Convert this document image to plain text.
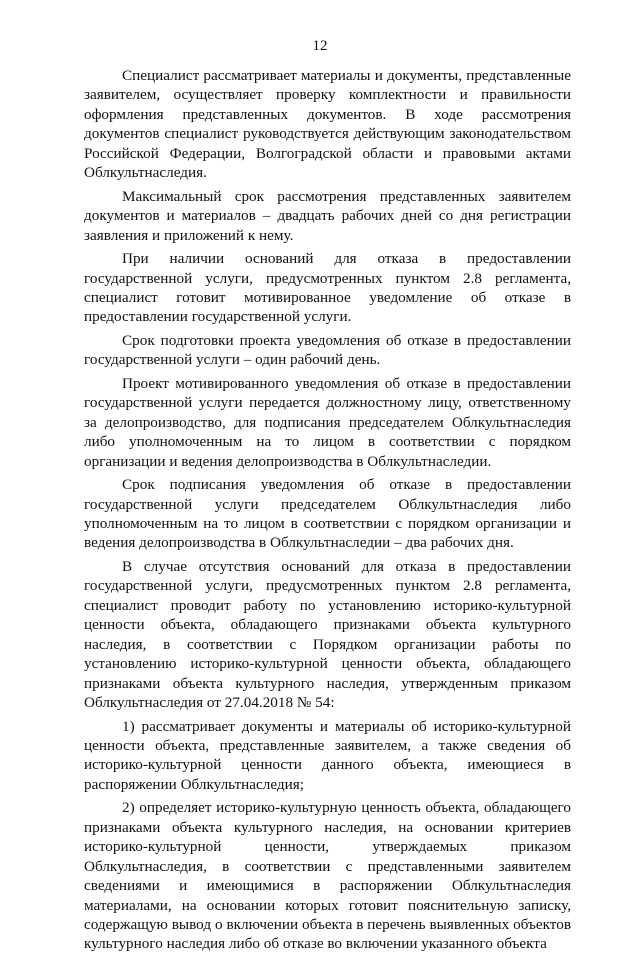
12

Специалист рассматривает материалы и документы, представленные заявителем, осуществляет проверку комплектности и правильности оформления представленных документов. В ходе рассмотрения документов специалист руководствуется действующим законодательством Российской Федерации, Волгоградской области и правовыми актами Облкультнаследия.

Максимальный срок рассмотрения представленных заявителем документов и материалов – двадцать рабочих дней со дня регистрации заявления и приложений к нему.

При наличии оснований для отказа в предоставлении государственной услуги, предусмотренных пунктом 2.8 регламента, специалист готовит мотивированное уведомление об отказе в предоставлении государственной услуги.

Срок подготовки проекта уведомления об отказе в предоставлении государственной услуги – один рабочий день.

Проект мотивированного уведомления об отказе в предоставлении государственной услуги передается должностному лицу, ответственному за делопроизводство, для подписания председателем Облкультнаследия либо уполномоченным на то лицом в соответствии с порядком организации и ведения делопроизводства в Облкультнаследии.

Срок подписания уведомления об отказе в предоставлении государственной услуги председателем Облкультнаследия либо уполномоченным на то лицом в соответствии с порядком организации и ведения делопроизводства в Облкультнаследии – два рабочих дня.

В случае отсутствия оснований для отказа в предоставлении государственной услуги, предусмотренных пунктом 2.8 регламента, специалист проводит работу по установлению историко-культурной ценности объекта, обладающего признаками объекта культурного наследия, в соответствии с Порядком организации работы по установлению историко-культурной ценности объекта, обладающего признаками объекта культурного наследия, утвержденным приказом Облкультнаследия от 27.04.2018 № 54:

1) рассматривает документы и материалы об историко-культурной ценности объекта, представленные заявителем, а также сведения об историко-культурной ценности данного объекта, имеющиеся в распоряжении Облкультнаследия;

2) определяет историко-культурную ценность объекта, обладающего признаками объекта культурного наследия, на основании критериев историко-культурной ценности, утверждаемых приказом Облкультнаследия, в соответствии с представленными заявителем сведениями и имеющимися в распоряжении Облкультнаследия материалами, на основании которых готовит пояснительную записку, содержащую вывод о включении объекта в перечень выявленных объектов культурного наследия либо об отказе во включении указанного объекта
